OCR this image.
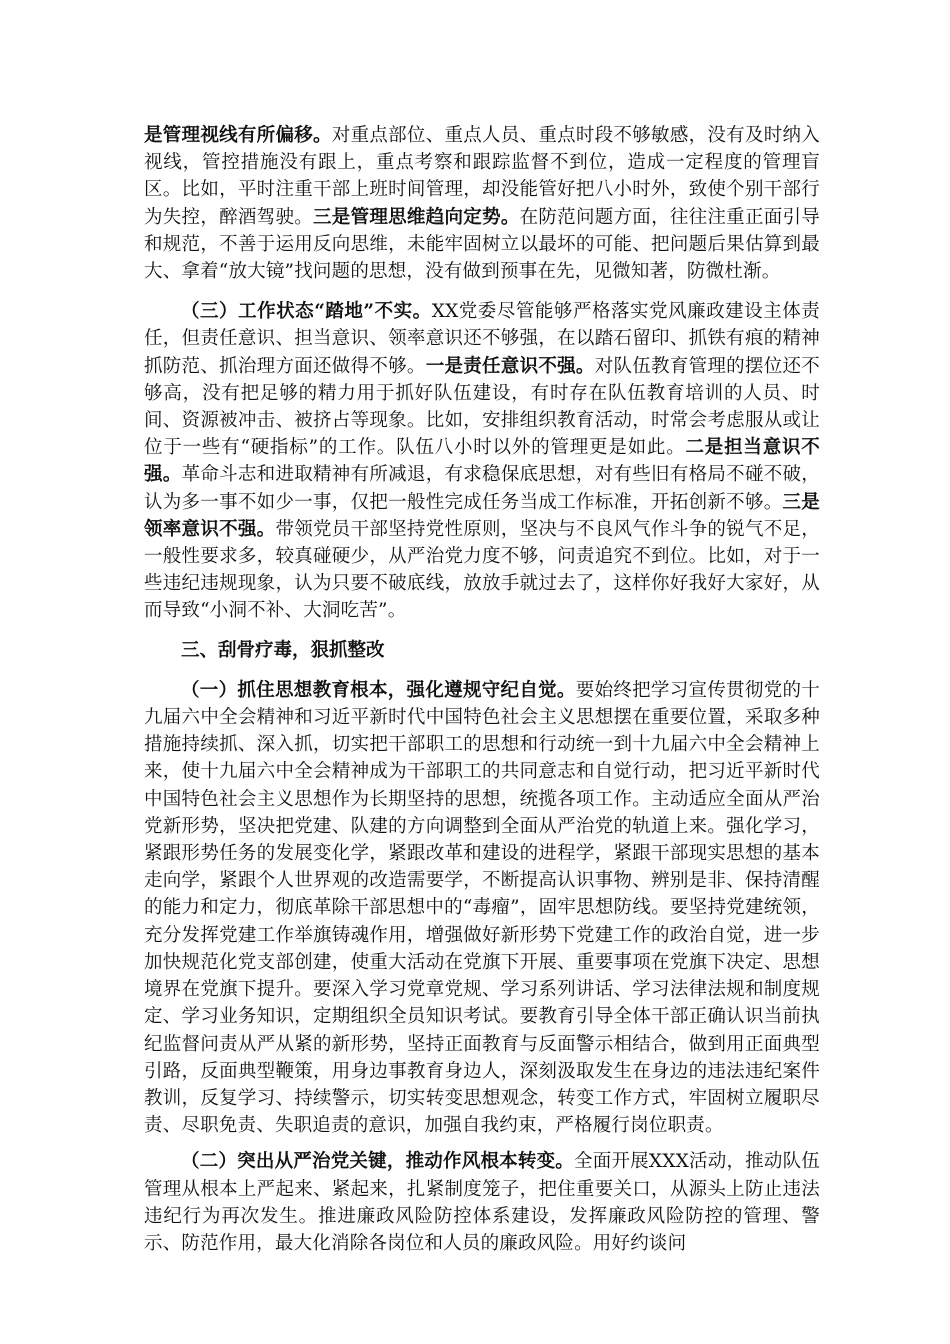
是管理视线有所偏移。对重点部位、重点人员、重点时段不够敏感，没有及时纳入视线，管控措施没有跟上，重点考察和跟踪监督不到位，造成一定程度的管理盲区。比如，平时注重干部上班时间管理，却没能管好把八小时外，致使个别干部行为失控，醉酒驾驶。三是管理思维趋向定势。在防范问题方面，往往注重正面引导和规范，不善于运用反向思维，未能牢固树立以最坏的可能、把问题后果估算到最大、拿着“放大镜”找问题的思想，没有做到预事在先，见微知著，防微杜渐。

（三）工作状态“踏地”不实。XX党委尽管能够严格落实党风廉政建设主体责任，但责任意识、担当意识、领率意识还不够强，在以踏石留印、抓铁有痕的精神抓防范、抓治理方面还做得不够。一是责任意识不强。对队伍教育管理的摆位还不够高，没有把足够的精力用于抓好队伍建设，有时存在队伍教育培训的人员、时间、资源被冲击、被挤占等现象。比如，安排组织教育活动，时常会考虑服从或让位于一些有“硬指标”的工作。队伍八小时以外的管理更是如此。二是担当意识不强。革命斗志和进取精神有所减退，有求稳保底思想，对有些旧有格局不碰不破，认为多一事不如少一事，仅把一般性完成任务当成工作标准，开拓创新不够。三是领率意识不强。带领党员干部坚持党性原则，坚决与不良风气作斗争的锐气不足，一般性要求多，较真碰硬少，从严治党力度不够，问责追究不到位。比如，对于一些违纪违规现象，认为只要不破底线，放放手就过去了，这样你好我好大家好，从而导致“小洞不补、大洞吃苦”。

三、刮骨疗毒，狠抓整改

（一）抓住思想教育根本，强化遵规守纪自觉。要始终把学习宣传贯彻党的十九届六中全会精神和习近平新时代中国特色社会主义思想摆在重要位置，采取多种措施持续抓、深入抓，切实把干部职工的思想和行动统一到十九届六中全会精神上来，使十九届六中全会精神成为干部职工的共同意志和自觉行动，把习近平新时代中国特色社会主义思想作为长期坚持的思想，统揽各项工作。主动适应全面从严治党新形势，坚决把党建、队建的方向调整到全面从严治党的轨道上来。强化学习，紧跟形势任务的发展变化学，紧跟改革和建设的进程学，紧跟干部现实思想的基本走向学，紧跟个人世界观的改造需要学，不断提高认识事物、辨别是非、保持清醒的能力和定力，彻底革除干部思想中的“毒瘤”，固牢思想防线。要坚持党建统领，充分发挥党建工作举旗铸魂作用，增强做好新形势下党建工作的政治自觉，进一步加快规范化党支部创建，使重大活动在党旗下开展、重要事项在党旗下决定、思想境界在党旗下提升。要深入学习党章党规、学习系列讲话、学习法律法规和制度规定、学习业务知识，定期组织全员知识考试。要教育引导全体干部正确认识当前执纪监督问责从严从紧的新形势，坚持正面教育与反面警示相结合，做到用正面典型引路，反面典型鞭策，用身边事教育身边人，深刻汲取发生在身边的违法违纪案件教训，反复学习、持续警示，切实转变思想观念，转变工作方式，牢固树立履职尽责、尽职免责、失职追责的意识，加强自我约束，严格履行岗位职责。

（二）突出从严治党关键，推动作风根本转变。全面开展XXX活动，推动队伍管理从根本上严起来、紧起来，扎紧制度笼子，把住重要关口，从源头上防止违法违纪行为再次发生。推进廉政风险防控体系建设，发挥廉政风险防控的管理、警示、防范作用，最大化消除各岗位和人员的廉政风险。用好约谈问
